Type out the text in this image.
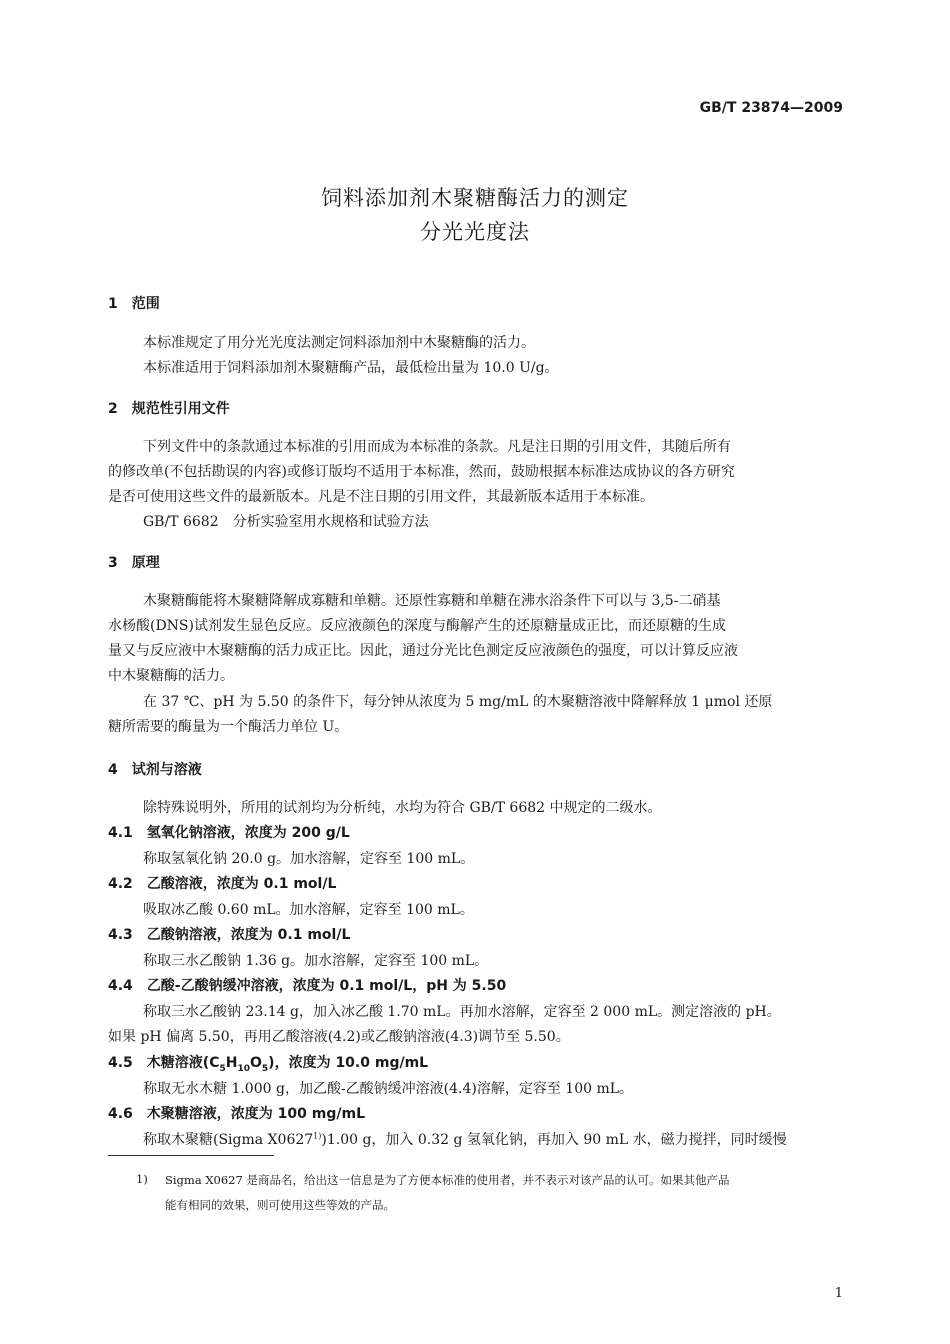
GB/T 23874—2009
饲料添加剂木聚糖酶活力的测定
分光光度法
1　范围
本标准规定了用分光光度法测定饲料添加剂中木聚糖酶的活力。
本标准适用于饲料添加剂木聚糖酶产品，最低检出量为 10.0 U/g。
2　规范性引用文件
下列文件中的条款通过本标准的引用而成为本标准的条款。凡是注日期的引用文件，其随后所有
的修改单(不包括勘误的内容)或修订版均不适用于本标准，然而，鼓励根据本标准达成协议的各方研究
是否可使用这些文件的最新版本。凡是不注日期的引用文件，其最新版本适用于本标准。
GB/T 6682　分析实验室用水规格和试验方法
3　原理
木聚糖酶能将木聚糖降解成寡糖和单糖。还原性寡糖和单糖在沸水浴条件下可以与 3,5-二硝基
水杨酸(DNS)试剂发生显色反应。反应液颜色的深度与酶解产生的还原糖量成正比，而还原糖的生成
量又与反应液中木聚糖酶的活力成正比。因此，通过分光比色测定反应液颜色的强度，可以计算反应液
中木聚糖酶的活力。
在 37 ℃、pH 为 5.50 的条件下，每分钟从浓度为 5 mg/mL 的木聚糖溶液中降解释放 1 μmol 还原
糖所需要的酶量为一个酶活力单位 U。
4　试剂与溶液
除特殊说明外，所用的试剂均为分析纯，水均为符合 GB/T 6682 中规定的二级水。
4.1　氢氧化钠溶液，浓度为 200 g/L
称取氢氧化钠 20.0 g。加水溶解，定容至 100 mL。
4.2　乙酸溶液，浓度为 0.1 mol/L
吸取冰乙酸 0.60 mL。加水溶解，定容至 100 mL。
4.3　乙酸钠溶液，浓度为 0.1 mol/L
称取三水乙酸钠 1.36 g。加水溶解，定容至 100 mL。
4.4　乙酸-乙酸钠缓冲溶液，浓度为 0.1 mol/L，pH 为 5.50
称取三水乙酸钠 23.14 g，加入冰乙酸 1.70 mL。再加水溶解，定容至 2 000 mL。测定溶液的 pH。
如果 pH 偏离 5.50，再用乙酸溶液(4.2)或乙酸钠溶液(4.3)调节至 5.50。
4.5　木糖溶液$(C_5H_{10}O_5)$，浓度为 10.0 mg/mL
称取无水木糖 1.000 g，加乙酸-乙酸钠缓冲溶液(4.4)溶解，定容至 100 mL。
4.6　木聚糖溶液，浓度为 100 mg/mL
称取木聚糖(Sigma X0627$^{1)}$)1.00 g，加入 0.32 g 氢氧化钠，再加入 90 mL 水，磁力搅拌，同时缓慢
1) Sigma X0627 是商品名，给出这一信息是为了方便本标准的使用者，并不表示对该产品的认可。如果其他产品
能有相同的效果，则可使用这些等效的产品。
1
